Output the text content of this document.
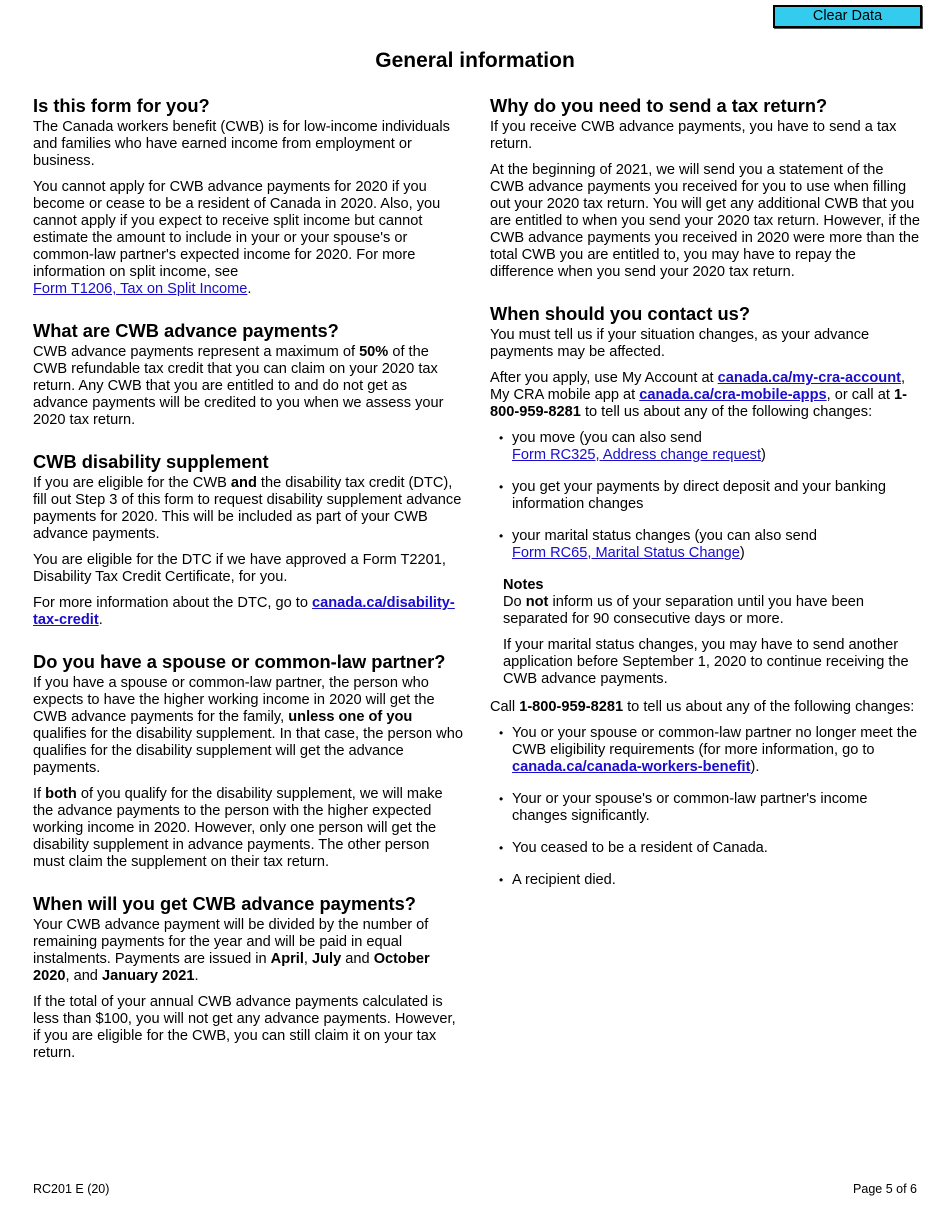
Clear Data
General information
Is this form for you?

The Canada workers benefit (CWB) is for low-income individuals and families who have earned income from employment or business.

You cannot apply for CWB advance payments for 2020 if you become or cease to be a resident of Canada in 2020. Also, you cannot apply if you expect to receive split income but cannot estimate the amount to include in your or your spouse's or common-law partner's expected income for 2020. For more information on split income, see
Form T1206, Tax on Split Income.

What are CWB advance payments?

CWB advance payments represent a maximum of 50% of the CWB refundable tax credit that you can claim on your 2020 tax return. Any CWB that you are entitled to and do not get as advance payments will be credited to you when we assess your 2020 tax return.

CWB disability supplement

If you are eligible for the CWB and the disability tax credit (DTC), fill out Step 3 of this form to request disability supplement advance payments for 2020. This will be included as part of your CWB advance payments.

You are eligible for the DTC if we have approved a Form T2201, Disability Tax Credit Certificate, for you.

For more information about the DTC, go to canada.ca/disability-tax-credit.

Do you have a spouse or common-law partner?

If you have a spouse or common-law partner, the person who expects to have the higher working income in 2020 will get the CWB advance payments for the family, unless one of you qualifies for the disability supplement. In that case, the person who qualifies for the disability supplement will get the advance payments.

If both of you qualify for the disability supplement, we will make the advance payments to the person with the higher expected working income in 2020. However, only one person will get the disability supplement in advance payments. The other person must claim the supplement on their tax return.

When will you get CWB advance payments?

Your CWB advance payment will be divided by the number of remaining payments for the year and will be paid in equal instalments. Payments are issued in April, July and October 2020, and January 2021.

If the total of your annual CWB advance payments calculated is less than $100, you will not get any advance payments. However, if you are eligible for the CWB, you can still claim it on your tax return.

Why do you need to send a tax return?

If you receive CWB advance payments, you have to send a tax return.

At the beginning of 2021, we will send you a statement of the CWB advance payments you received for you to use when filling out your 2020 tax return. You will get any additional CWB that you are entitled to when you send your 2020 tax return. However, if the CWB advance payments you received in 2020 were more than the total CWB you are entitled to, you may have to repay the difference when you send your 2020 tax return.

When should you contact us?

You must tell us if your situation changes, as your advance payments may be affected.

After you apply, use My Account at canada.ca/my-cra-account, My CRA mobile app at canada.ca/cra-mobile-apps, or call at 1-800-959-8281 to tell us about any of the following changes:

• you move (you can also send
Form RC325, Address change request)
• you get your payments by direct deposit and your banking information changes
• your marital status changes (you can also send
Form RC65, Marital Status Change)
Notes

Do not inform us of your separation until you have been separated for 90 consecutive days or more.

If your marital status changes, you may have to send another application before September 1, 2020 to continue receiving the CWB advance payments.

Call 1-800-959-8281 to tell us about any of the following changes:

• You or your spouse or common-law partner no longer meet the CWB eligibility requirements (for more information, go to canada.ca/canada-workers-benefit).
• Your or your spouse's or common-law partner's income changes significantly.
• You ceased to be a resident of Canada.
• A recipient died.
RC201 E (20)	Page 5 of 6
